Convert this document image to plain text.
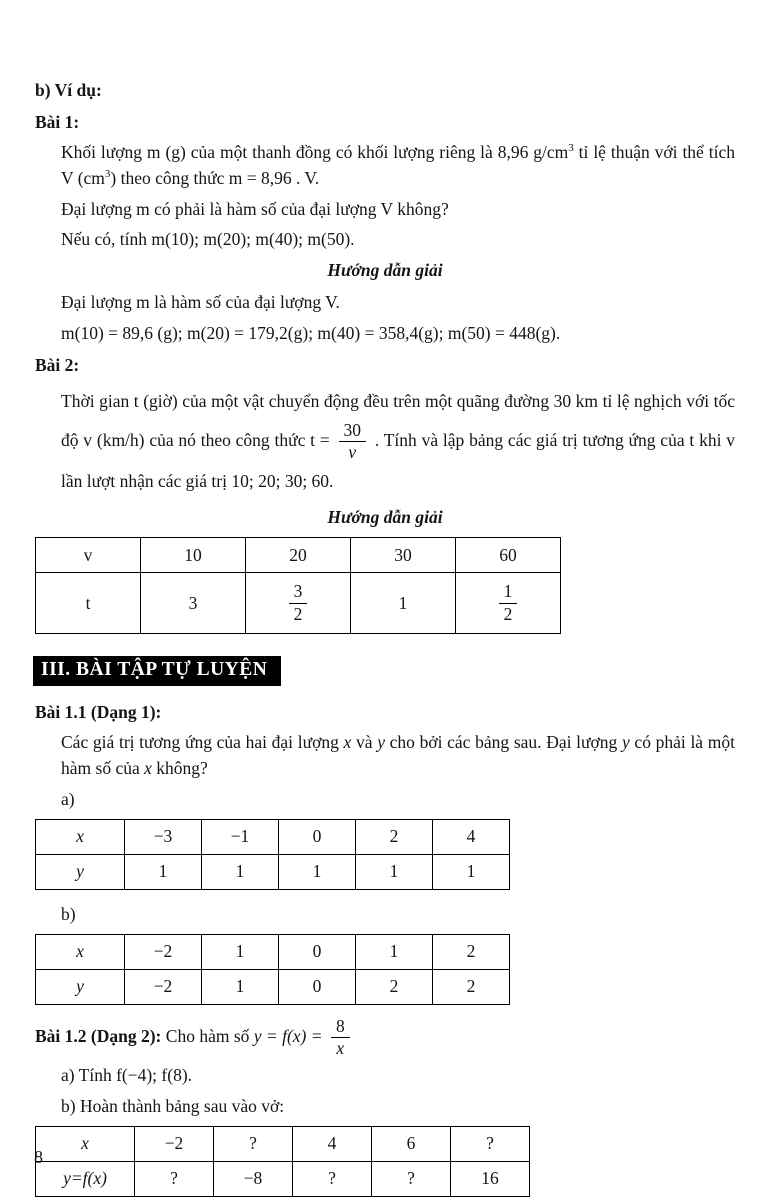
b) Ví dụ:

Bài 1:

Khối lượng m (g) của một thanh đồng có khối lượng riêng là 8,96 $g/cm^3$ tỉ lệ thuận với thể tích V $(cm^3)$ theo công thức m = 8,96 . V.

Đại lượng m có phải là hàm số của đại lượng V không?

Nếu có, tính m(10); m(20); m(40); m(50).

Hướng dẫn giải

Đại lượng m là hàm số của đại lượng V.

m(10) = 89,6 (g); m(20) = 179,2(g); m(40) = 358,4(g); m(50) = 448(g).

Bài 2:

Thời gian t (giờ) của một vật chuyển động đều trên một quãng đường 30 km tỉ lệ nghịch với tốc độ v (km/h) của nó theo công thức $t = \frac{30}{v}$ . Tính và lập bảng các giá trị tương ứng của t khi v lần lượt nhận các giá trị 10; 20; 30; 60.

Hướng dẫn giải

v	10	20	30	60
t	3	$\frac{3}{2}$	1	$\frac{1}{2}$
III. BÀI TẬP TỰ LUYỆN

Bài 1.1 (Dạng 1):

Các giá trị tương ứng của hai đại lượng x và y cho bởi các bảng sau. Đại lượng y có phải là một hàm số của x không?

a)

x	−3	−1	0	2	4
y	1	1	1	1	1

b)

x	−2	1	0	1	2
y	−2	1	0	2	2

Bài 1.2 (Dạng 2): Cho hàm số $y = f(x) = \frac{8}{x}$

a) Tính f(−4); f(8).

b) Hoàn thành bảng sau vào vở:

x	−2	?	4	6	?
y=f(x)	?	−8	?	?	16
8
